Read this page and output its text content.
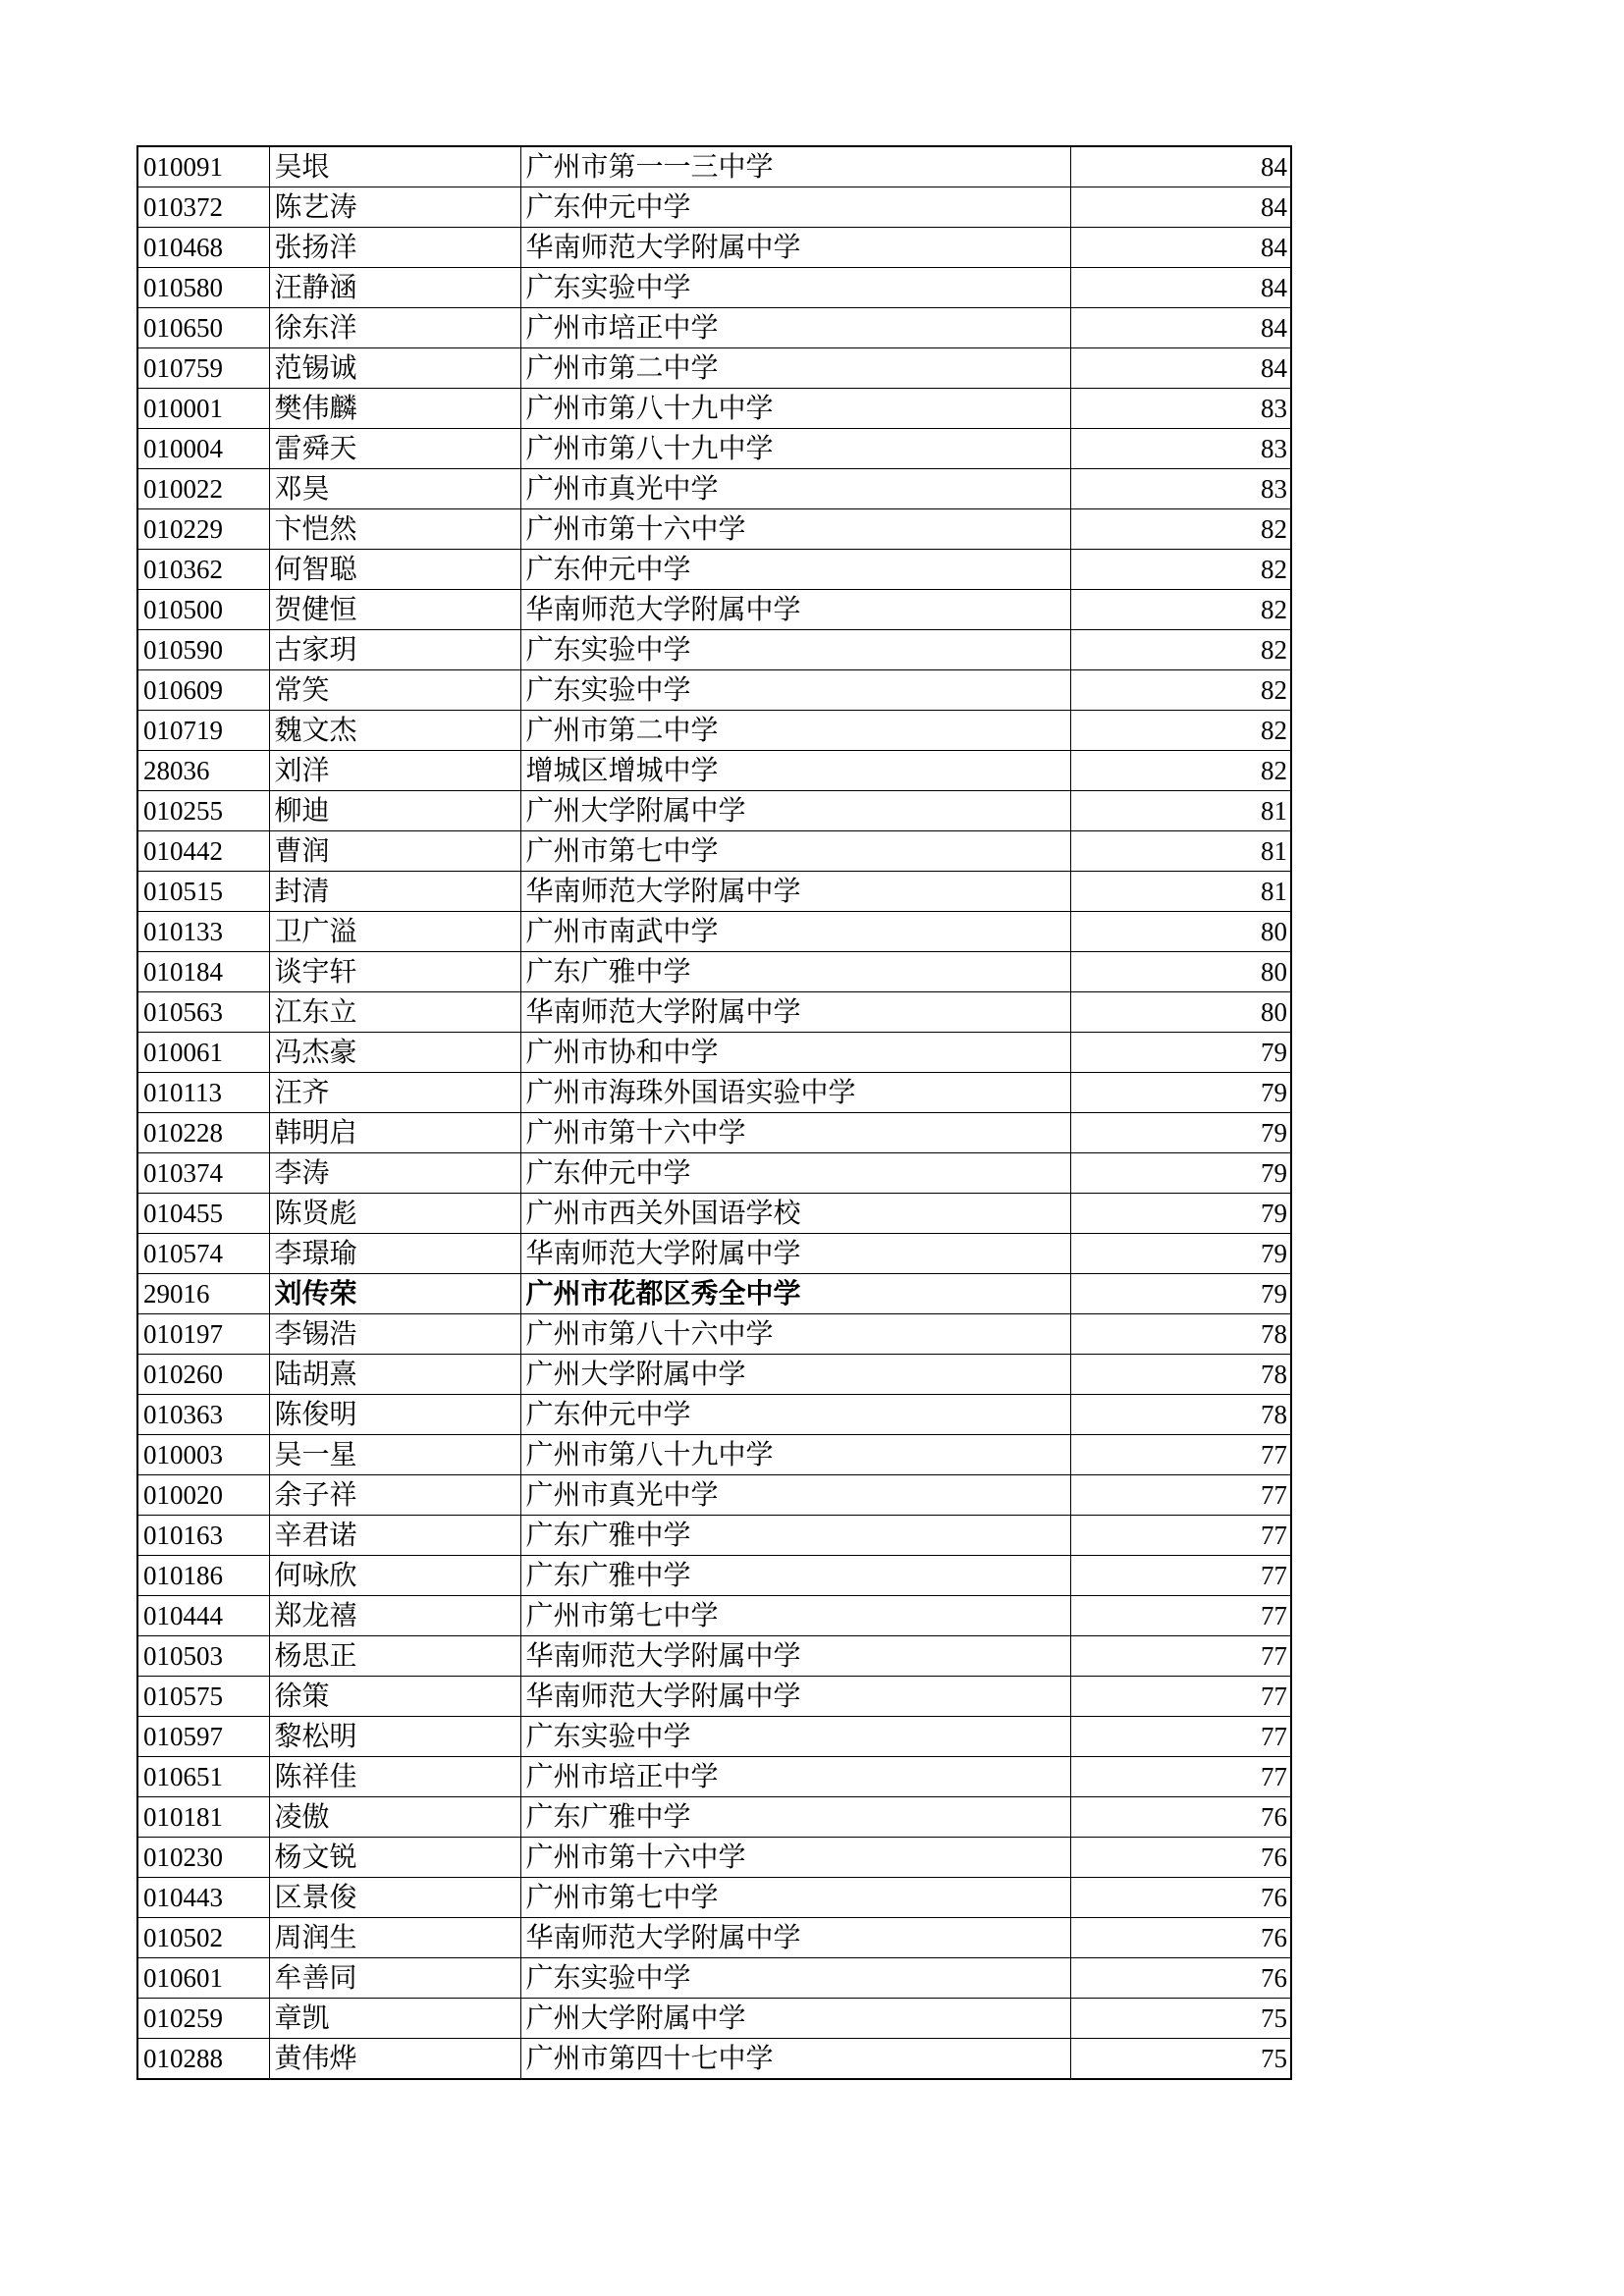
010091	吴垠	广州市第一一三中学	84
010372	陈艺涛	广东仲元中学	84
010468	张扬洋	华南师范大学附属中学	84
010580	汪静涵	广东实验中学	84
010650	徐东洋	广州市培正中学	84
010759	范锡诚	广州市第二中学	84
010001	樊伟麟	广州市第八十九中学	83
010004	雷舜天	广州市第八十九中学	83
010022	邓昊	广州市真光中学	83
010229	卞恺然	广州市第十六中学	82
010362	何智聪	广东仲元中学	82
010500	贺健恒	华南师范大学附属中学	82
010590	古家玥	广东实验中学	82
010609	常笑	广东实验中学	82
010719	魏文杰	广州市第二中学	82
28036	刘洋	增城区增城中学	82
010255	柳迪	广州大学附属中学	81
010442	曹润	广州市第七中学	81
010515	封清	华南师范大学附属中学	81
010133	卫广溢	广州市南武中学	80
010184	谈宇轩	广东广雅中学	80
010563	江东立	华南师范大学附属中学	80
010061	冯杰豪	广州市协和中学	79
010113	汪齐	广州市海珠外国语实验中学	79
010228	韩明启	广州市第十六中学	79
010374	李涛	广东仲元中学	79
010455	陈贤彪	广州市西关外国语学校	79
010574	李璟瑜	华南师范大学附属中学	79
29016	刘传荣	广州市花都区秀全中学	79
010197	李锡浩	广州市第八十六中学	78
010260	陆胡熹	广州大学附属中学	78
010363	陈俊明	广东仲元中学	78
010003	吴一星	广州市第八十九中学	77
010020	余子祥	广州市真光中学	77
010163	辛君诺	广东广雅中学	77
010186	何咏欣	广东广雅中学	77
010444	郑龙禧	广州市第七中学	77
010503	杨思正	华南师范大学附属中学	77
010575	徐策	华南师范大学附属中学	77
010597	黎松明	广东实验中学	77
010651	陈祥佳	广州市培正中学	77
010181	凌傲	广东广雅中学	76
010230	杨文锐	广州市第十六中学	76
010443	区景俊	广州市第七中学	76
010502	周润生	华南师范大学附属中学	76
010601	牟善同	广东实验中学	76
010259	章凯	广州大学附属中学	75
010288	黄伟烨	广州市第四十七中学	75
